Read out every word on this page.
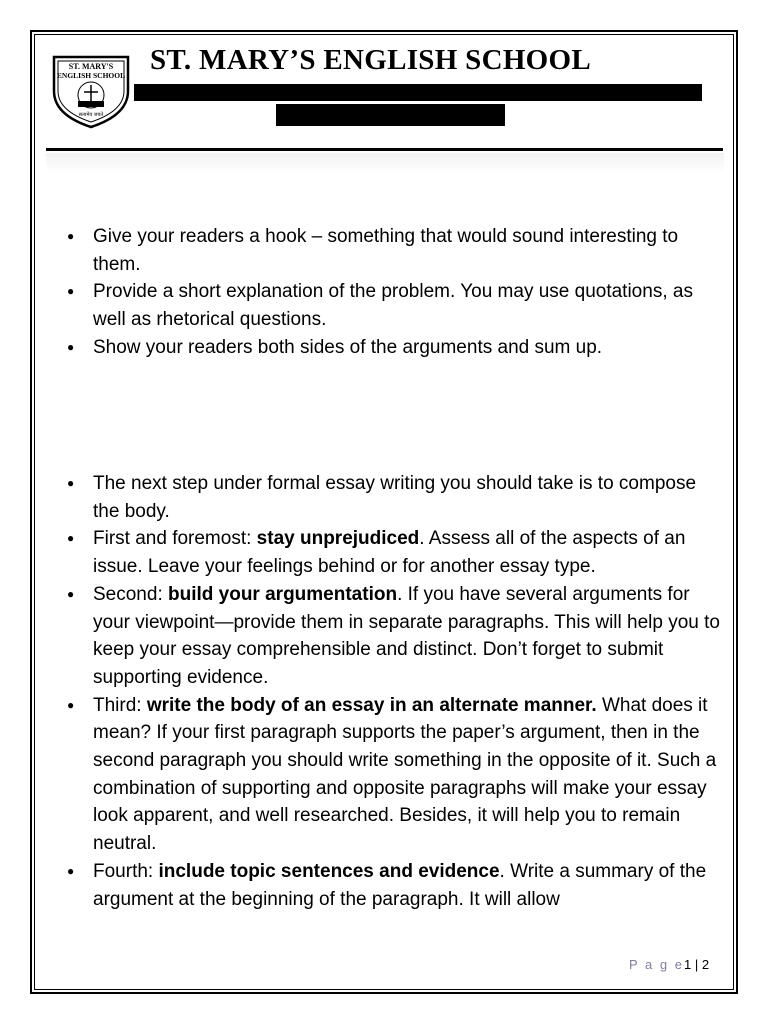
ST. MARY'S
ENGLISH SCHOOL
सत्यमेव जयते
ST. MARY’S ENGLISH SCHOOL
● Give your readers a hook – something that would sound interesting to them.
● Provide a short explanation of the problem. You may use quotations, as well as rhetorical questions.
● Show your readers both sides of the arguments and sum up.
● The next step under formal essay writing you should take is to compose the body.
● First and foremost: stay unprejudiced. Assess all of the aspects of an issue. Leave your feelings behind or for another essay type.
● Second: build your argumentation. If you have several arguments for your viewpoint—provide them in separate paragraphs. This will help you to keep your essay comprehensible and distinct. Don’t forget to submit supporting evidence.
● Third: write the body of an essay in an alternate manner. What does it mean? If your first paragraph supports the paper’s argument, then in the second paragraph you should write something in the opposite of it. Such a combination of supporting and opposite paragraphs will make your essay look apparent, and well researched. Besides, it will help you to remain neutral.
● Fourth: include topic sentences and evidence. Write a summary of the argument at the beginning of the paragraph. It will allow
P a g e1 | 2
